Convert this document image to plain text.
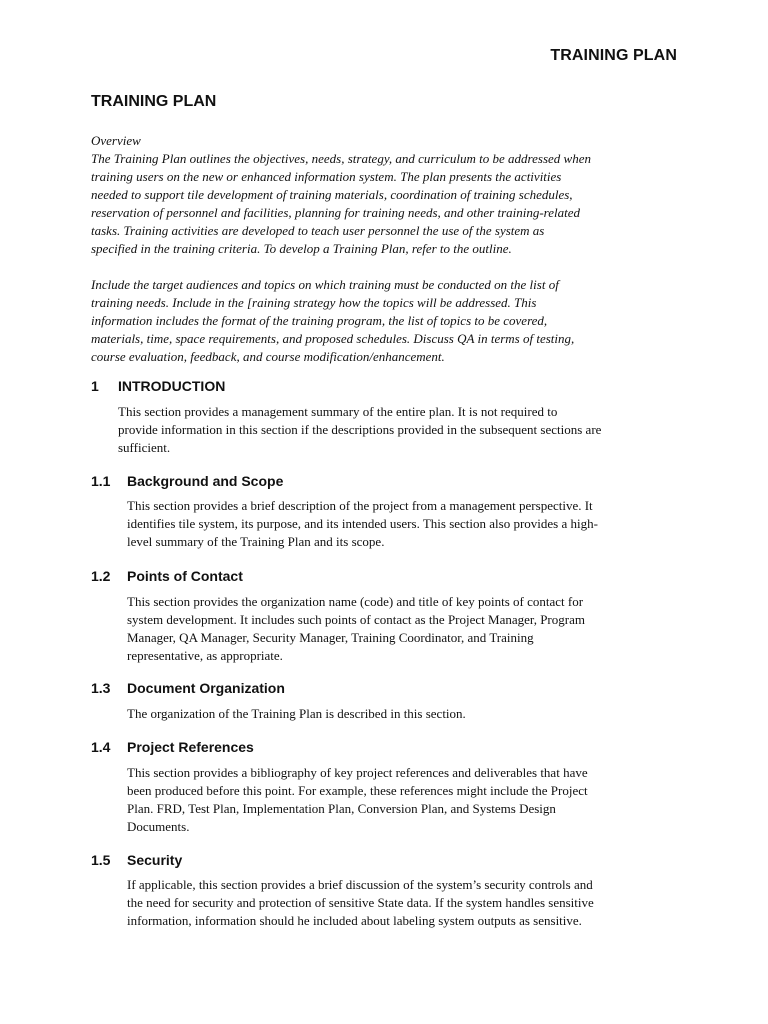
TRAINING PLAN
TRAINING PLAN
Overview
The Training Plan outlines the objectives, needs, strategy, and curriculum to be addressed when
training users on the new or enhanced information system. The plan presents the activities
needed to support tile development of training materials, coordination of training schedules,
reservation of personnel and facilities, planning for training needs, and other training-related
tasks. Training activities are developed to teach user personnel the use of the system as
specified in the training criteria. To develop a Training Plan, refer to the outline.
Include the target audiences and topics on which training must be conducted on the list of
training needs. Include in the [raining strategy how the topics will be addressed. This
information includes the format of the training program, the list of topics to be covered,
materials, time, space requirements, and proposed schedules. Discuss QA in terms of testing,
course evaluation, feedback, and course modification/enhancement.
1 INTRODUCTION
This section provides a management summary of the entire plan. It is not required to
provide information in this section if the descriptions provided in the subsequent sections are
sufficient.
1.1 Background and Scope
This section provides a brief description of the project from a management perspective. It
identifies tile system, its purpose, and its intended users. This section also provides a high-
level summary of the Training Plan and its scope.
1.2 Points of Contact
This section provides the organization name (code) and title of key points of contact for
system development. It includes such points of contact as the Project Manager, Program
Manager, QA Manager, Security Manager, Training Coordinator, and Training
representative, as appropriate.
1.3 Document Organization
The organization of the Training Plan is described in this section.
1.4 Project References
This section provides a bibliography of key project references and deliverables that have
been produced before this point. For example, these references might include the Project
Plan. FRD, Test Plan, Implementation Plan, Conversion Plan, and Systems Design
Documents.
1.5 Security
If applicable, this section provides a brief discussion of the system’s security controls and
the need for security and protection of sensitive State data. If the system handles sensitive
information, information should he included about labeling system outputs as sensitive.
